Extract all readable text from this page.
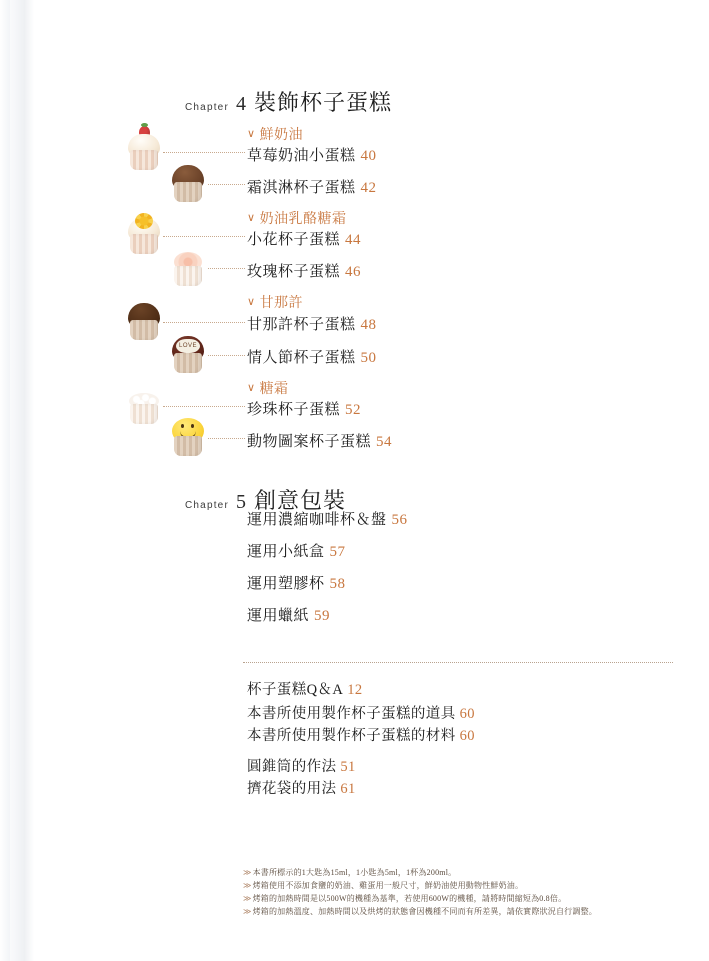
Chapter 4 裝飾杯子蛋糕
∨ 鮮奶油
草莓奶油小蛋糕 40
霜淇淋杯子蛋糕 42
∨ 奶油乳酪糖霜
小花杯子蛋糕 44
玫瑰杯子蛋糕 46
∨ 甘那許
甘那許杯子蛋糕 48
LOVE
情人節杯子蛋糕 50
∨ 糖霜
珍珠杯子蛋糕 52
動物圖案杯子蛋糕 54
Chapter 5 創意包裝
運用濃縮咖啡杯＆盤 56
運用小紙盒 57
運用塑膠杯 58
運用蠟紙 59
杯子蛋糕Q＆A 12
本書所使用製作杯子蛋糕的道具 60
本書所使用製作杯子蛋糕的材料 60
圓錐筒的作法 51
擠花袋的用法 61
≫本書所標示的1大匙為15ml，1小匙為5ml，1杯為200ml。
≫烤箱使用不添加食鹽的奶油、雞蛋用一般尺寸，鮮奶油使用動物性鮮奶油。
≫烤箱的加熱時間是以500W的機種為基準，若使用600W的機種，請將時間縮短為0.8倍。
≫烤箱的加熱溫度、加熱時間以及烘烤的狀態會因機種不同而有所差異，請依實際狀況自行調整。
